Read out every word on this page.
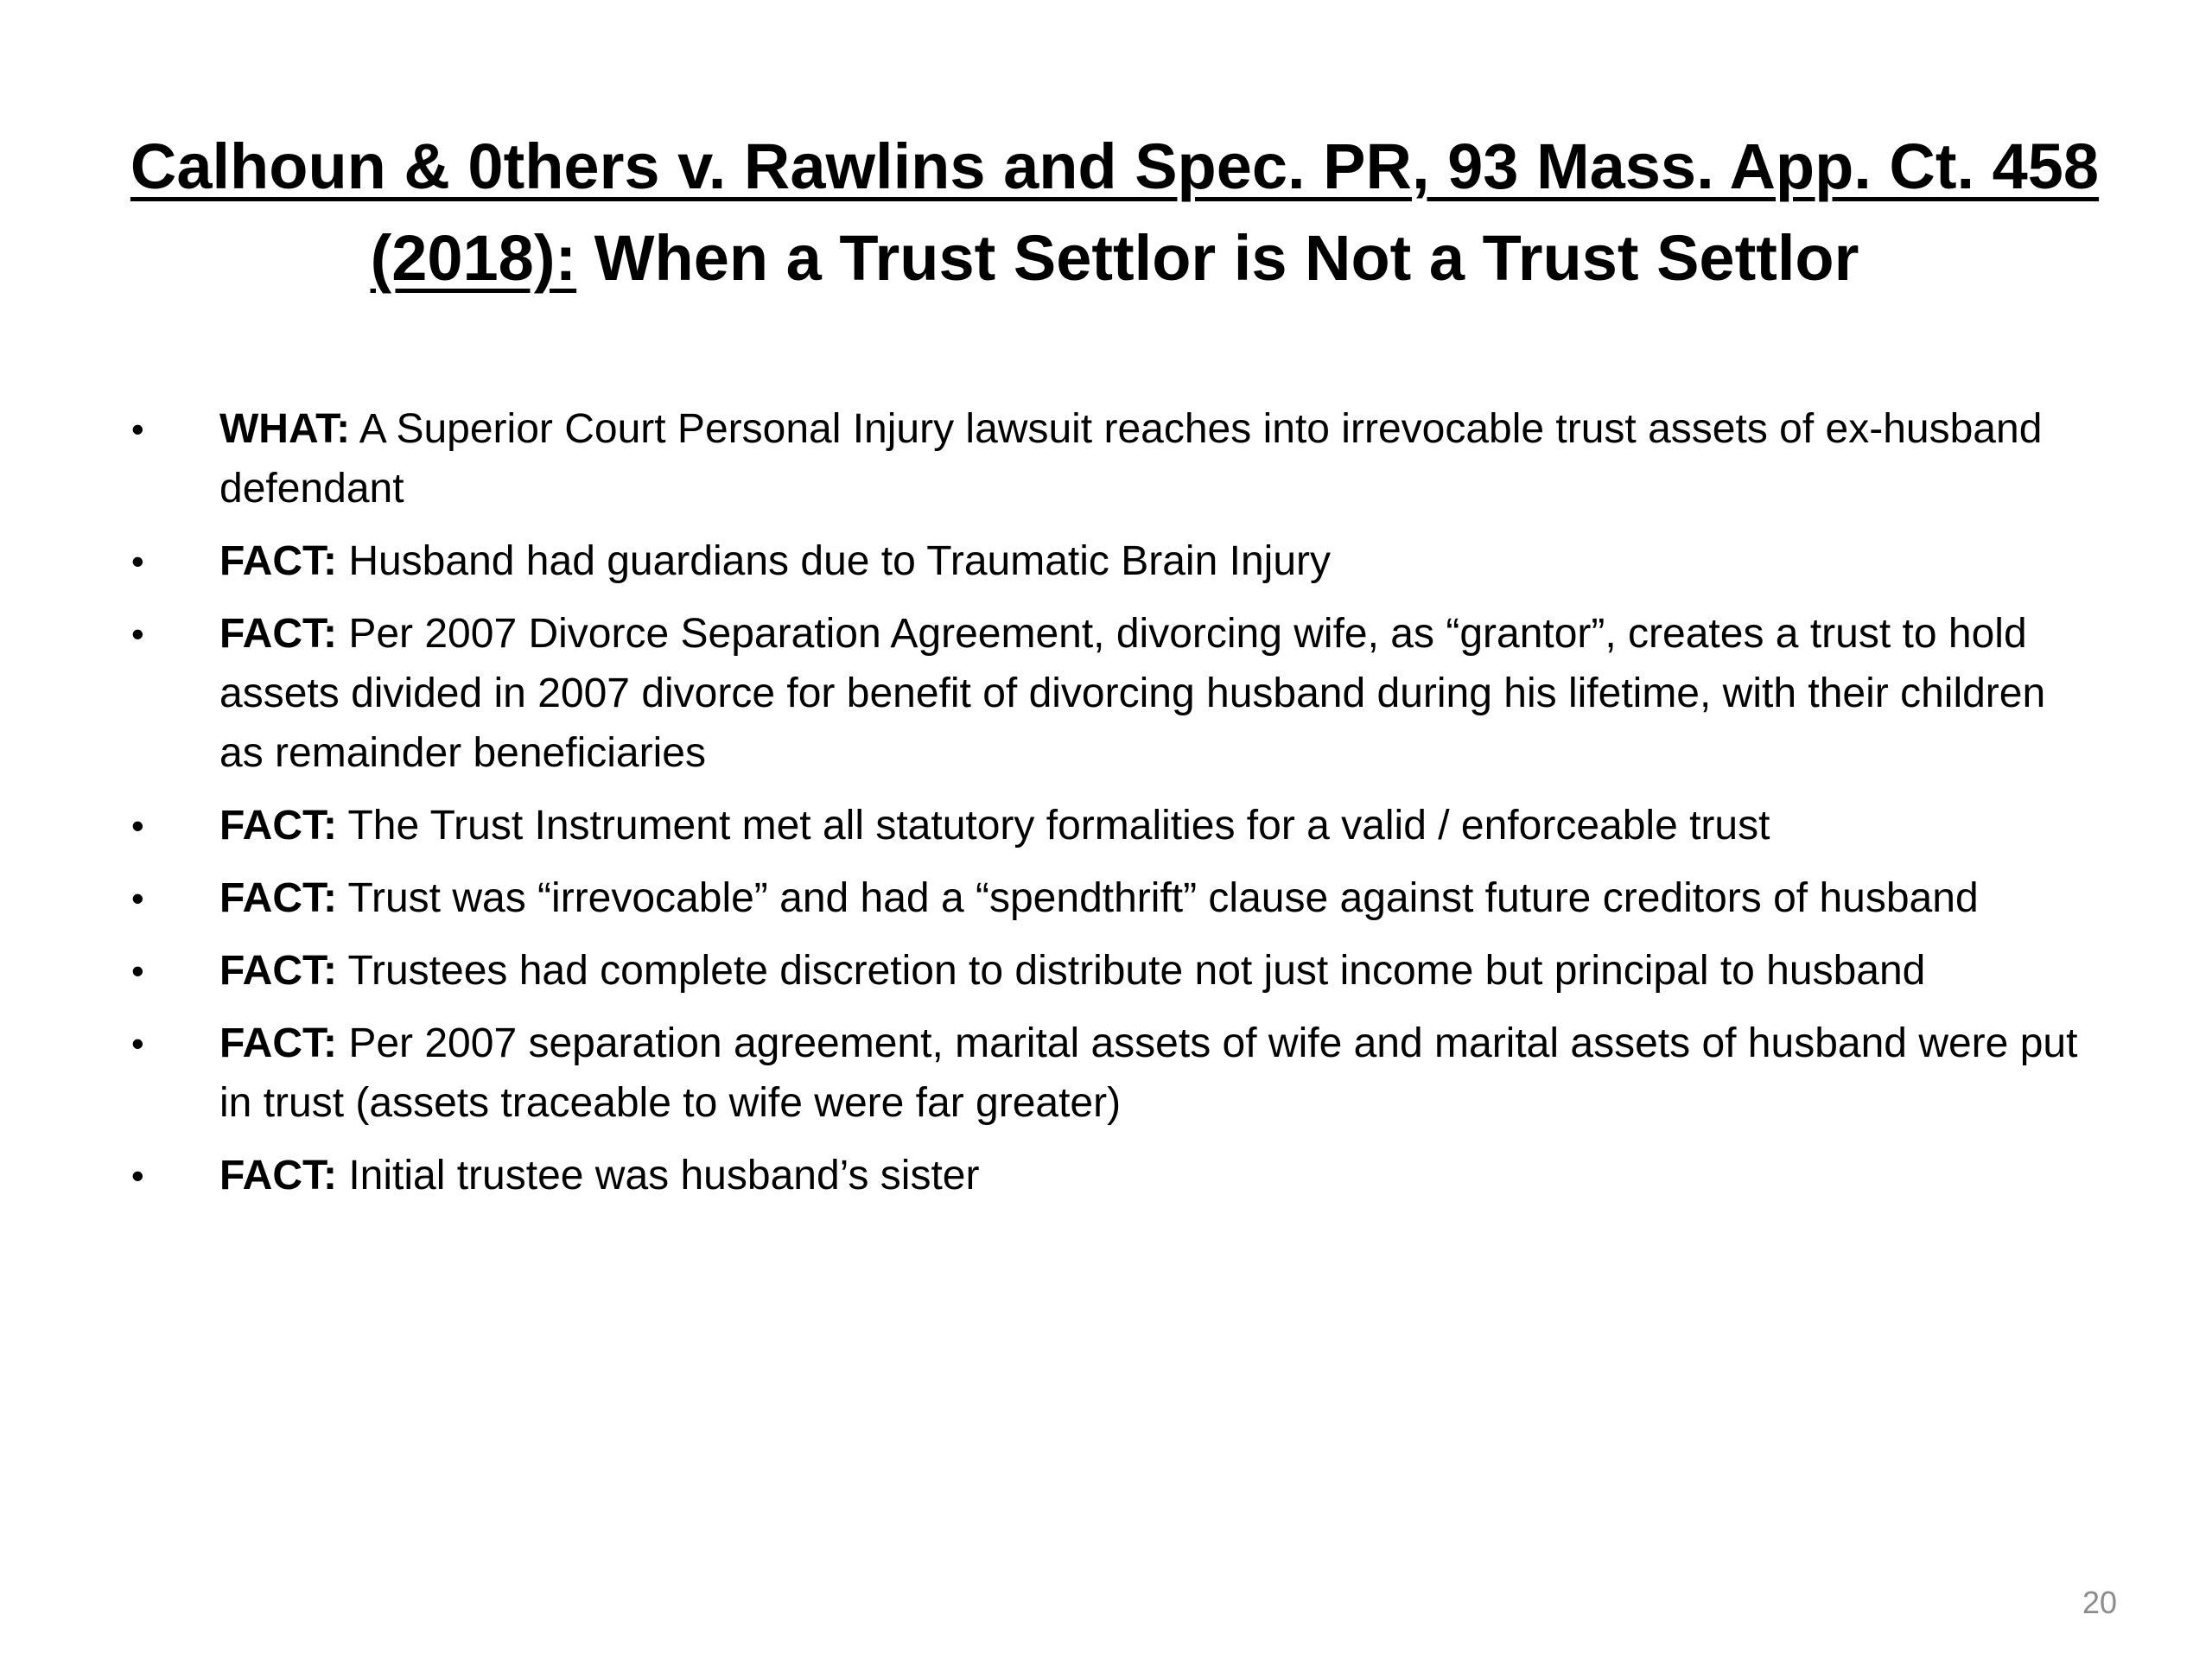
Calhoun & 0thers v. Rawlins and Spec. PR, 93 Mass. App. Ct. 458 (2018): When a Trust Settlor is Not a Trust Settlor
•	WHAT: A Superior Court Personal Injury lawsuit reaches into irrevocable trust assets of ex-husband defendant
•	FACT: Husband had guardians due to Traumatic Brain Injury
•	FACT: Per 2007 Divorce Separation Agreement, divorcing wife, as “grantor”, creates a trust to hold assets divided in 2007 divorce for benefit of divorcing husband during his lifetime, with their children as remainder beneficiaries
•	FACT: The Trust Instrument met all statutory formalities for a valid / enforceable trust
•	FACT: Trust was “irrevocable” and had a “spendthrift” clause against future creditors of husband
•	FACT: Trustees had complete discretion to distribute not just income but principal to husband
•	FACT: Per 2007 separation agreement, marital assets of wife and marital assets of husband were put in trust (assets traceable to wife were far greater)
•	FACT: Initial trustee was husband’s sister
20
